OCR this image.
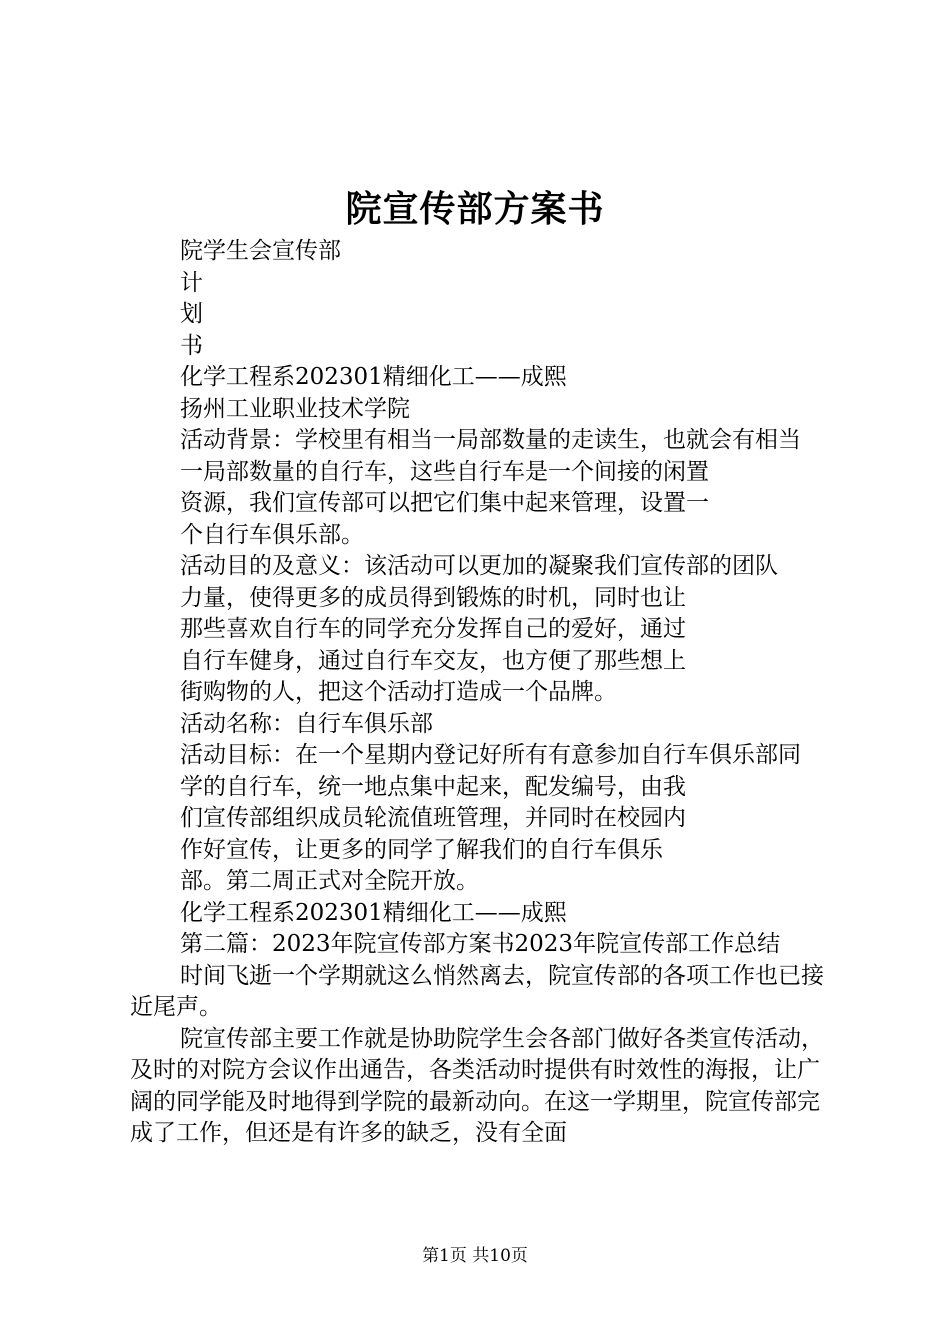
院宣传部方案书
院学生会宣传部
计
划
书
化学工程系202301精细化工——成熙
扬州工业职业技术学院
活动背景：学校里有相当一局部数量的走读生，也就会有相当
一局部数量的自行车，这些自行车是一个间接的闲置
资源，我们宣传部可以把它们集中起来管理，设置一
个自行车俱乐部。
活动目的及意义：该活动可以更加的凝聚我们宣传部的团队
力量，使得更多的成员得到锻炼的时机，同时也让
那些喜欢自行车的同学充分发挥自己的爱好，通过
自行车健身，通过自行车交友，也方便了那些想上
街购物的人，把这个活动打造成一个品牌。
活动名称：自行车俱乐部
活动目标：在一个星期内登记好所有有意参加自行车俱乐部同
学的自行车，统一地点集中起来，配发编号，由我
们宣传部组织成员轮流值班管理，并同时在校园内
作好宣传，让更多的同学了解我们的自行车俱乐
部。第二周正式对全院开放。
化学工程系202301精细化工——成熙
第二篇：2023年院宣传部方案书2023年院宣传部工作总结
时间飞逝一个学期就这么悄然离去，院宣传部的各项工作也已接近尾声。
院宣传部主要工作就是协助院学生会各部门做好各类宣传活动，及时的对院方会议作出通告，各类活动时提供有时效性的海报，让广阔的同学能及时地得到学院的最新动向。在这一学期里，院宣传部完成了工作，但还是有许多的缺乏，没有全面
第1页 共10页
